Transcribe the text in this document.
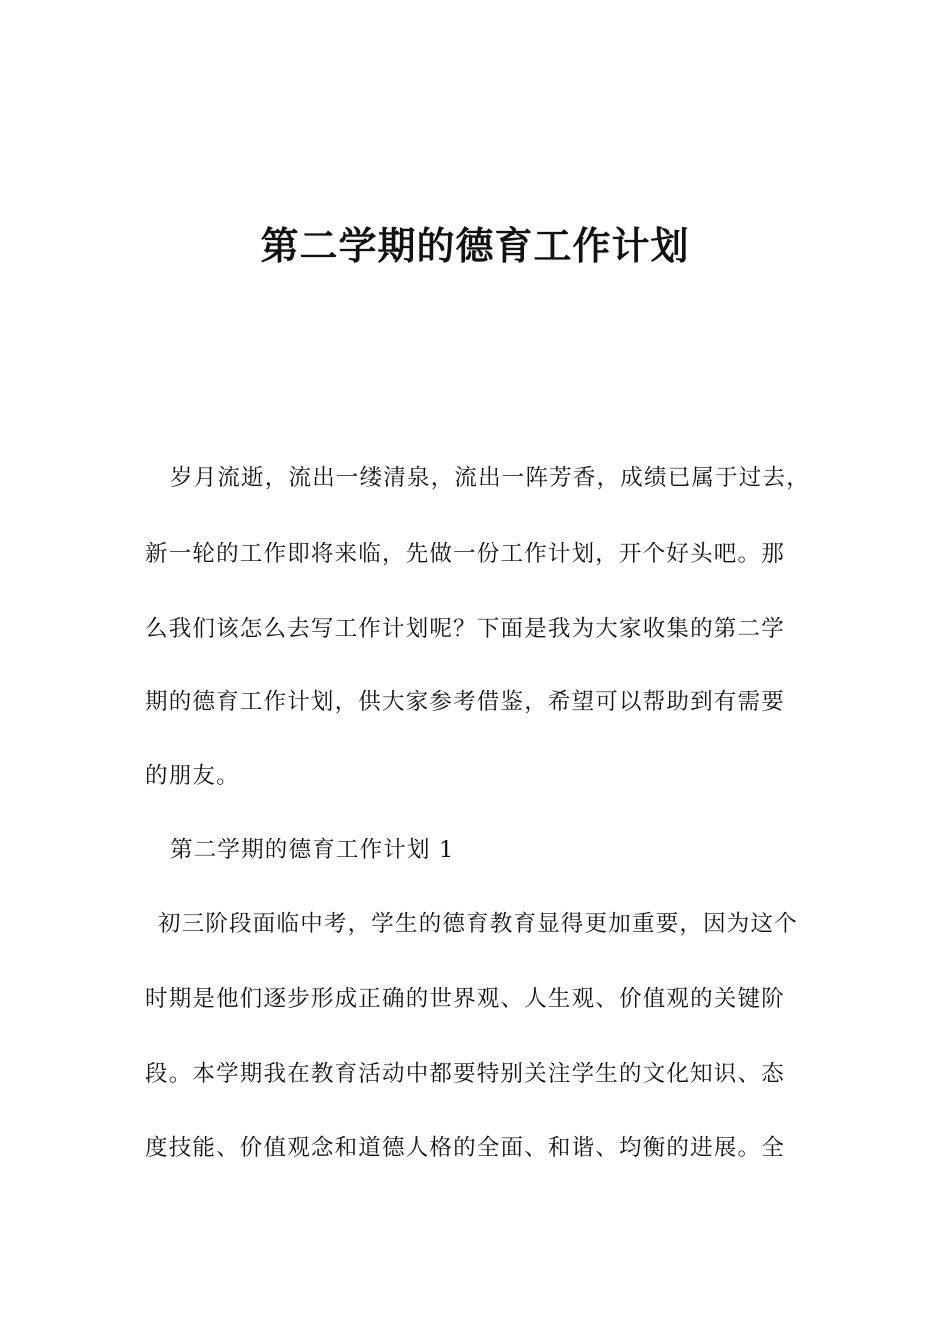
第二学期的德育工作计划
岁月流逝，流出一缕清泉，流出一阵芳香，成绩已属于过去，
新一轮的工作即将来临，先做一份工作计划，开个好头吧。那
么我们该怎么去写工作计划呢？下面是我为大家收集的第二学
期的德育工作计划，供大家参考借鉴，希望可以帮助到有需要
的朋友。
第二学期的德育工作计划 1
初三阶段面临中考，学生的德育教育显得更加重要，因为这个
时期是他们逐步形成正确的世界观、人生观、价值观的关键阶
段。本学期我在教育活动中都要特别关注学生的文化知识、态
度技能、价值观念和道德人格的全面、和谐、均衡的进展。全
